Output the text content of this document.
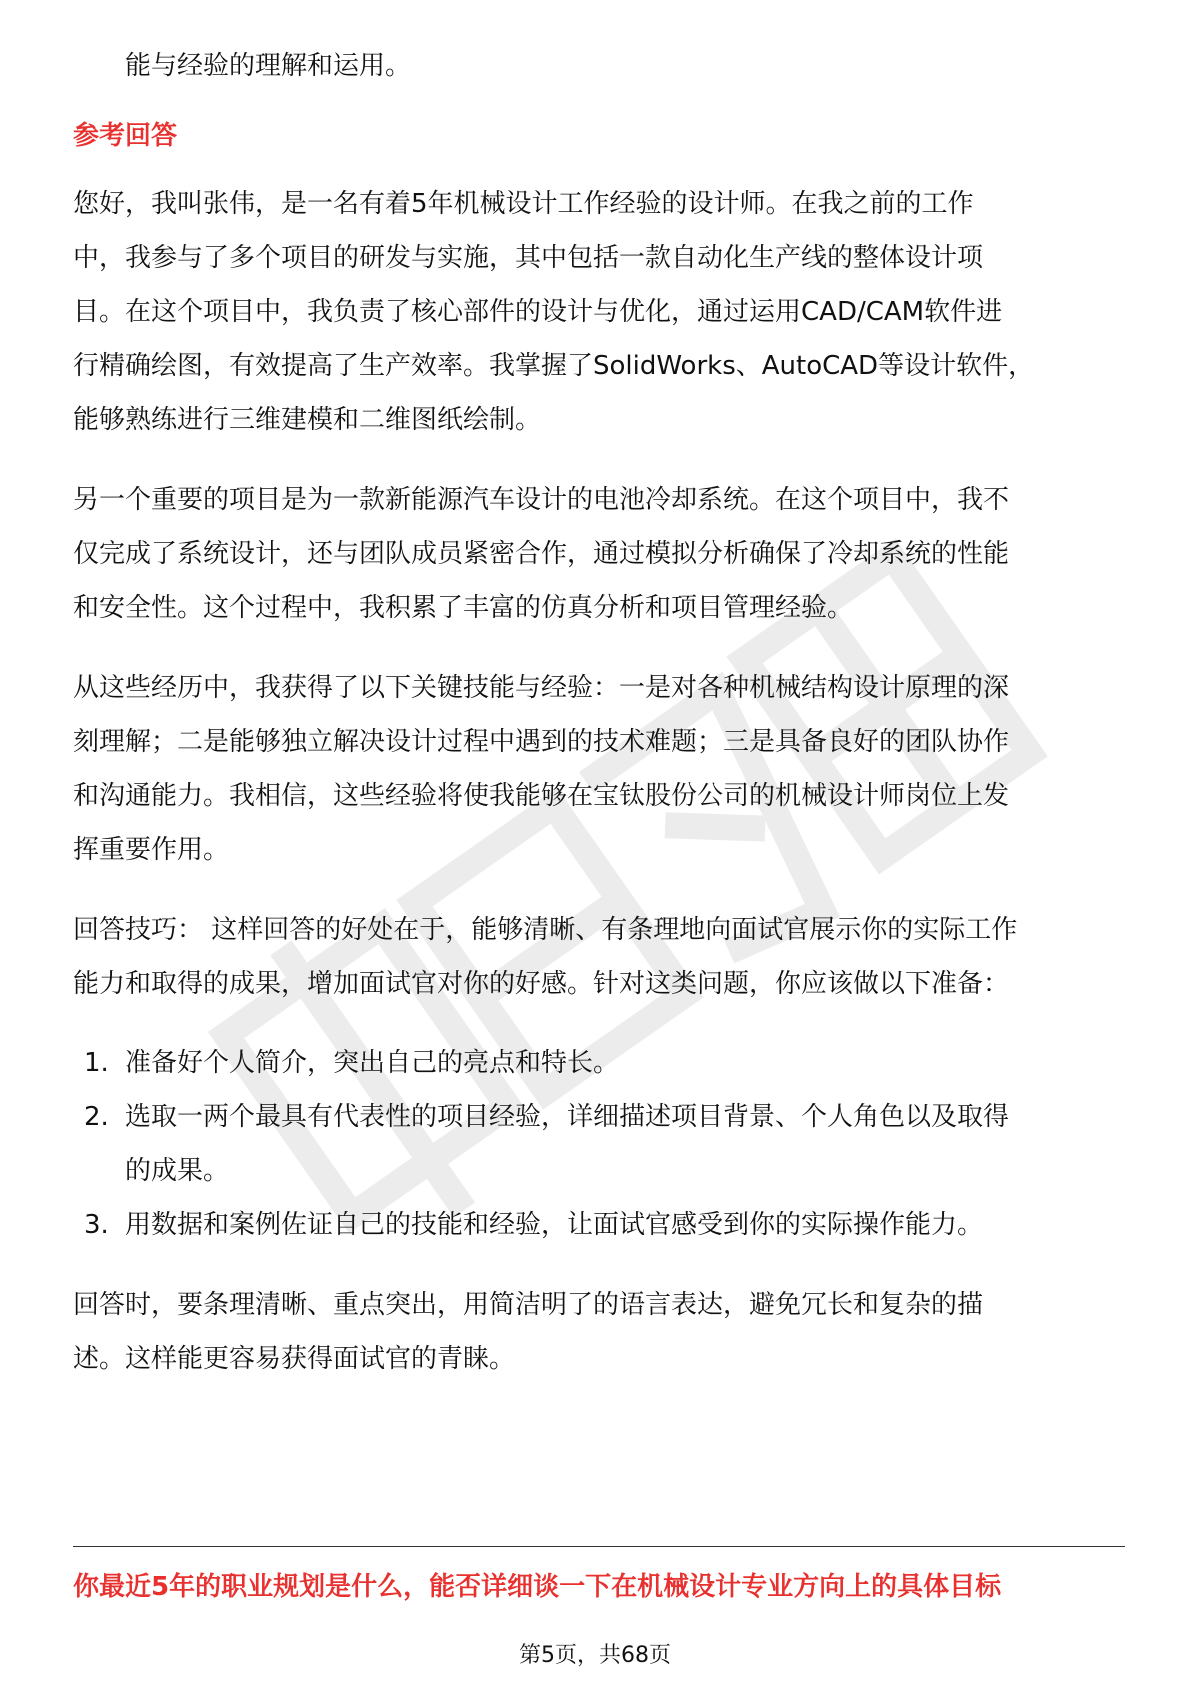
能与经验的理解和运用。
参考回答
您好，我叫张伟，是一名有着5年机械设计工作经验的设计师。在我之前的工作
中，我参与了多个项目的研发与实施，其中包括一款自动化生产线的整体设计项
目。在这个项目中，我负责了核心部件的设计与优化，通过运用CAD/CAM软件进
行精确绘图，有效提高了生产效率。我掌握了SolidWorks、AutoCAD等设计软件，
能够熟练进行三维建模和二维图纸绘制。
另一个重要的项目是为一款新能源汽车设计的电池冷却系统。在这个项目中，我不
仅完成了系统设计，还与团队成员紧密合作，通过模拟分析确保了冷却系统的性能
和安全性。这个过程中，我积累了丰富的仿真分析和项目管理经验。
从这些经历中，我获得了以下关键技能与经验：一是对各种机械结构设计原理的深
刻理解；二是能够独立解决设计过程中遇到的技术难题；三是具备良好的团队协作
和沟通能力。我相信，这些经验将使我能够在宝钛股份公司的机械设计师岗位上发
挥重要作用。
回答技巧： 这样回答的好处在于，能够清晰、有条理地向面试官展示你的实际工作
能力和取得的成果，增加面试官对你的好感。针对这类问题，你应该做以下准备：
1. 准备好个人简介，突出自己的亮点和特长。
2. 选取一两个最具有代表性的项目经验，详细描述项目背景、个人角色以及取得
的成果。
3. 用数据和案例佐证自己的技能和经验，让面试官感受到你的实际操作能力。
回答时，要条理清晰、重点突出，用简洁明了的语言表达，避免冗长和复杂的描
述。这样能更容易获得面试官的青睐。
你最近5年的职业规划是什么，能否详细谈一下在机械设计专业方向上的具体目标
第5页，共68页
